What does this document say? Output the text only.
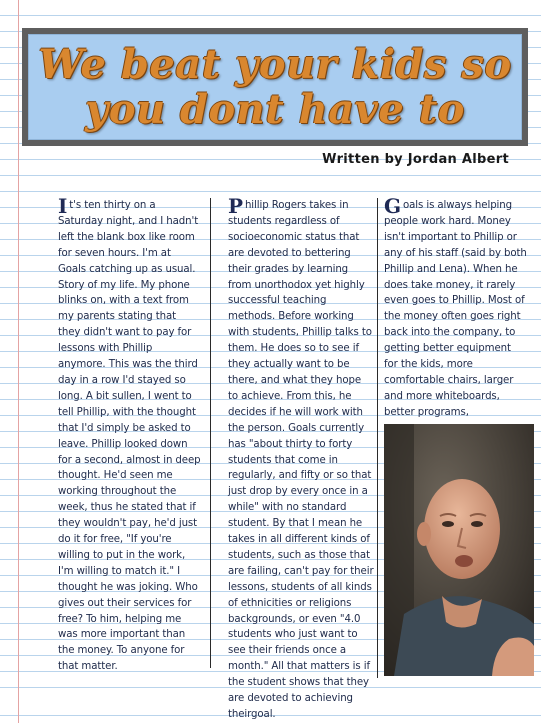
We beat your kids so
you dont have to
Written by Jordan Albert
It's ten thirty on a Saturday night, and I hadn't left the blank box like room for seven hours. I'm at Goals catching up as usual. Story of my life. My phone blinks on, with a text from my parents stating that they didn't want to pay for lessons with Phillip anymore. This was the third day in a row I'd stayed so long. A bit sullen, I went to tell Phillip, with the thought that I'd simply be asked to leave. Phillip looked down for a second, almost in deep thought. He'd seen me working throughout the week, thus he stated that if they wouldn't pay, he'd just do it for free, "If you're willing to put in the work, I'm willing to match it." I thought he was joking. Who gives out their services for free? To him, helping me was more important than the money. To anyone for that matter.
Phillip Rogers takes in students regardless of socioeconomic status that are devoted to bettering their grades by learning from unorthodox yet highly successful teaching methods. Before working with students, Phillip talks to them. He does so to see if they actually want to be there, and what they hope to achieve. From this, he decides if he will work with the person. Goals currently has "about thirty to forty students that come in regularly, and fifty or so that just drop by every once in a while" with no standard student. By that I mean he takes in all different kinds of students, such as those that are failing, can't pay for their lessons, students of all kinds of ethnicities or religions backgrounds, or even "4.0 students who just want to see their friends once a month." All that matters is if the student shows that they are devoted to achieving theirgoal.
Goals is always helping people work hard. Money isn't important to Phillip or any of his staff (said by both Phillip and Lena). When he does take money, it rarely even goes to Phillip. Most of the money often goes right back into the company, to getting better equipment for the kids, more comfortable chairs, larger and more whiteboards, better programs,
